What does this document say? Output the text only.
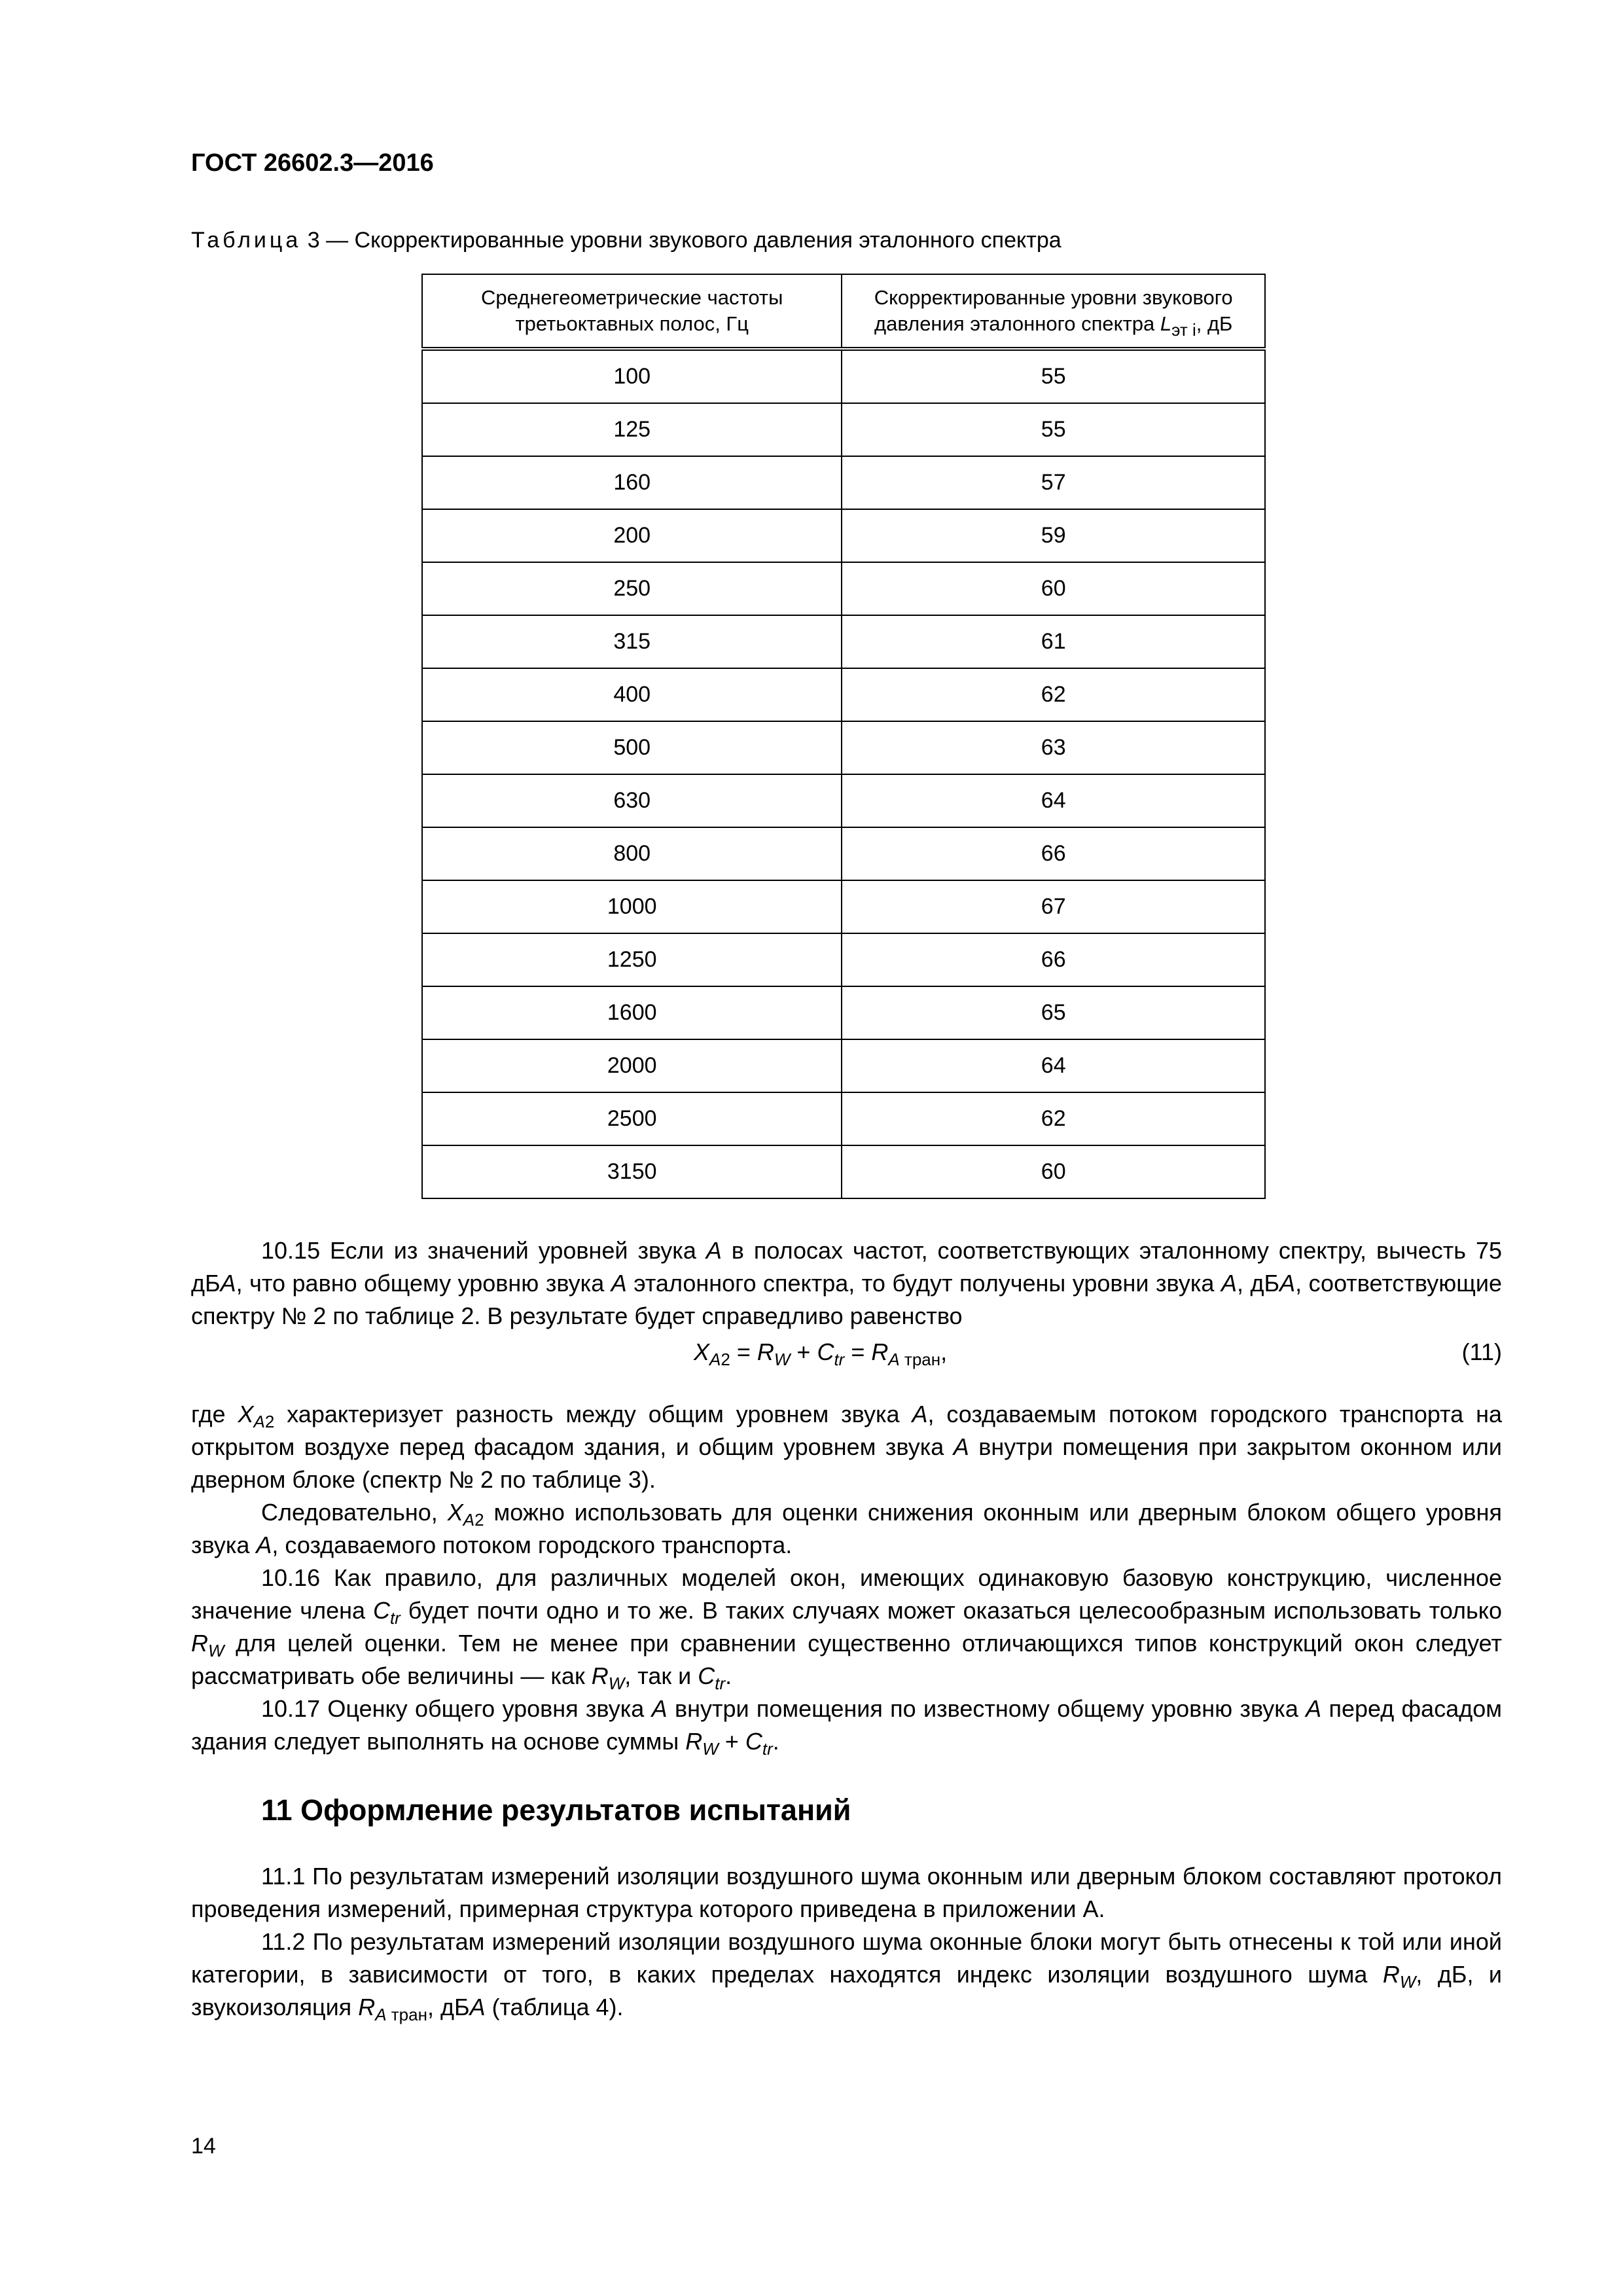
ГОСТ 26602.3—2016
Таблица 3 — Скорректированные уровни звукового давления эталонного спектра
Среднегеометрические частоты третьоктавных полос, Гц	Скорректированные уровни звукового давления эталонного спектра $L_{эт i}$, дБ
100	55
125	55
160	57
200	59
250	60
315	61
400	62
500	63
630	64
800	66
1000	67
1250	66
1600	65
2000	64
2500	62
3150	60
10.15 Если из значений уровней звука A в полосах частот, соответствующих эталонному спектру, вычесть 75 дБA, что равно общему уровню звука A эталонного спектра, то будут получены уровни звука A, дБA, соответствующие спектру № 2 по таблице 2. В результате будет справедливо равенство
$X_{A2} = R_W + C_{tr} = R_{A тран}$,	(11)
где $X_{A2}$ характеризует разность между общим уровнем звука A, создаваемым потоком городского транспорта на открытом воздухе перед фасадом здания, и общим уровнем звука A внутри помещения при закрытом оконном или дверном блоке (спектр № 2 по таблице 3).
Следовательно, $X_{A2}$ можно использовать для оценки снижения оконным или дверным блоком общего уровня звука A, создаваемого потоком городского транспорта.
10.16 Как правило, для различных моделей окон, имеющих одинаковую базовую конструкцию, численное значение члена $C_{tr}$ будет почти одно и то же. В таких случаях может оказаться целесообразным использовать только $R_W$ для целей оценки. Тем не менее при сравнении существенно отличающихся типов конструкций окон следует рассматривать обе величины — как $R_W$, так и $C_{tr}$.
10.17 Оценку общего уровня звука A внутри помещения по известному общему уровню звука A перед фасадом здания следует выполнять на основе суммы $R_W + C_{tr}$.
11 Оформление результатов испытаний
11.1 По результатам измерений изоляции воздушного шума оконным или дверным блоком составляют протокол проведения измерений, примерная структура которого приведена в приложении А.
11.2 По результатам измерений изоляции воздушного шума оконные блоки могут быть отнесены к той или иной категории, в зависимости от того, в каких пределах находятся индекс изоляции воздушного шума $R_W$, дБ, и звукоизоляция $R_{A тран}$, дБA (таблица 4).
14
